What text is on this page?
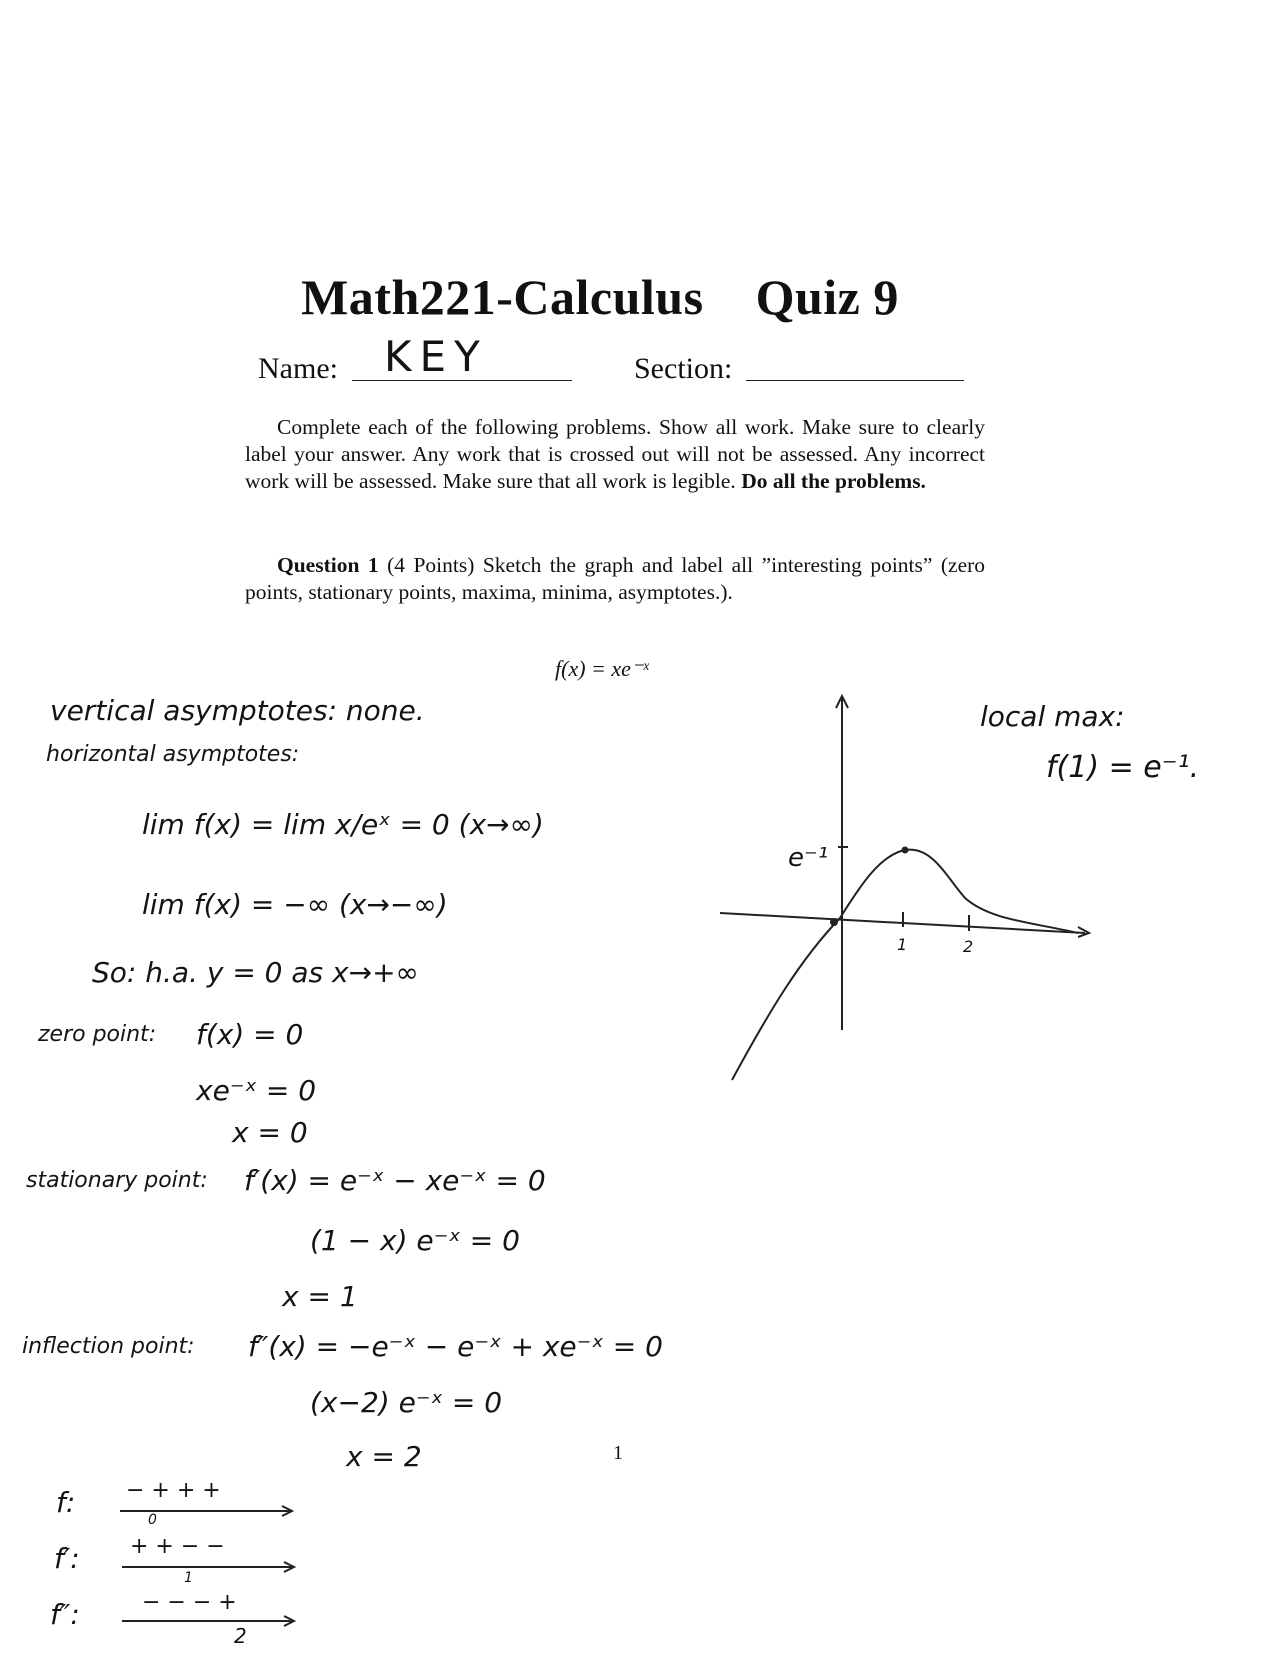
Math221-Calculus Quiz 9
Name: KEY	Section:
Complete each of the following problems. Show all work. Make sure to clearly label your answer. Any work that is crossed out will not be assessed. Any incorrect work will be assessed. Make sure that all work is legible. Do all the problems.
Question 1 (4 Points) Sketch the graph and label all ”interesting points” (zero points, stationary points, maxima, minima, asymptotes.).
f(x) = xe⁻ˣ
vertical asymptotes: none.
horizontal asymptotes:
lim f(x) = lim x/eˣ = 0 (x→∞)
lim f(x) = −∞ (x→−∞)
So: h.a. y = 0 as x→+∞
zero point: f(x) = 0
xe⁻ˣ = 0
x = 0
stationary point: f′(x) = e⁻ˣ − xe⁻ˣ = 0
(1 − x) e⁻ˣ = 0
x = 1
inflection point: f″(x) = −e⁻ˣ − e⁻ˣ + xe⁻ˣ = 0
(x−2) e⁻ˣ = 0
x = 2
e⁻¹
1	2
local max:
f(1) = e⁻¹.
f: − + + +
0
f′: + + − −
1
f″:	− − − +
2
1
